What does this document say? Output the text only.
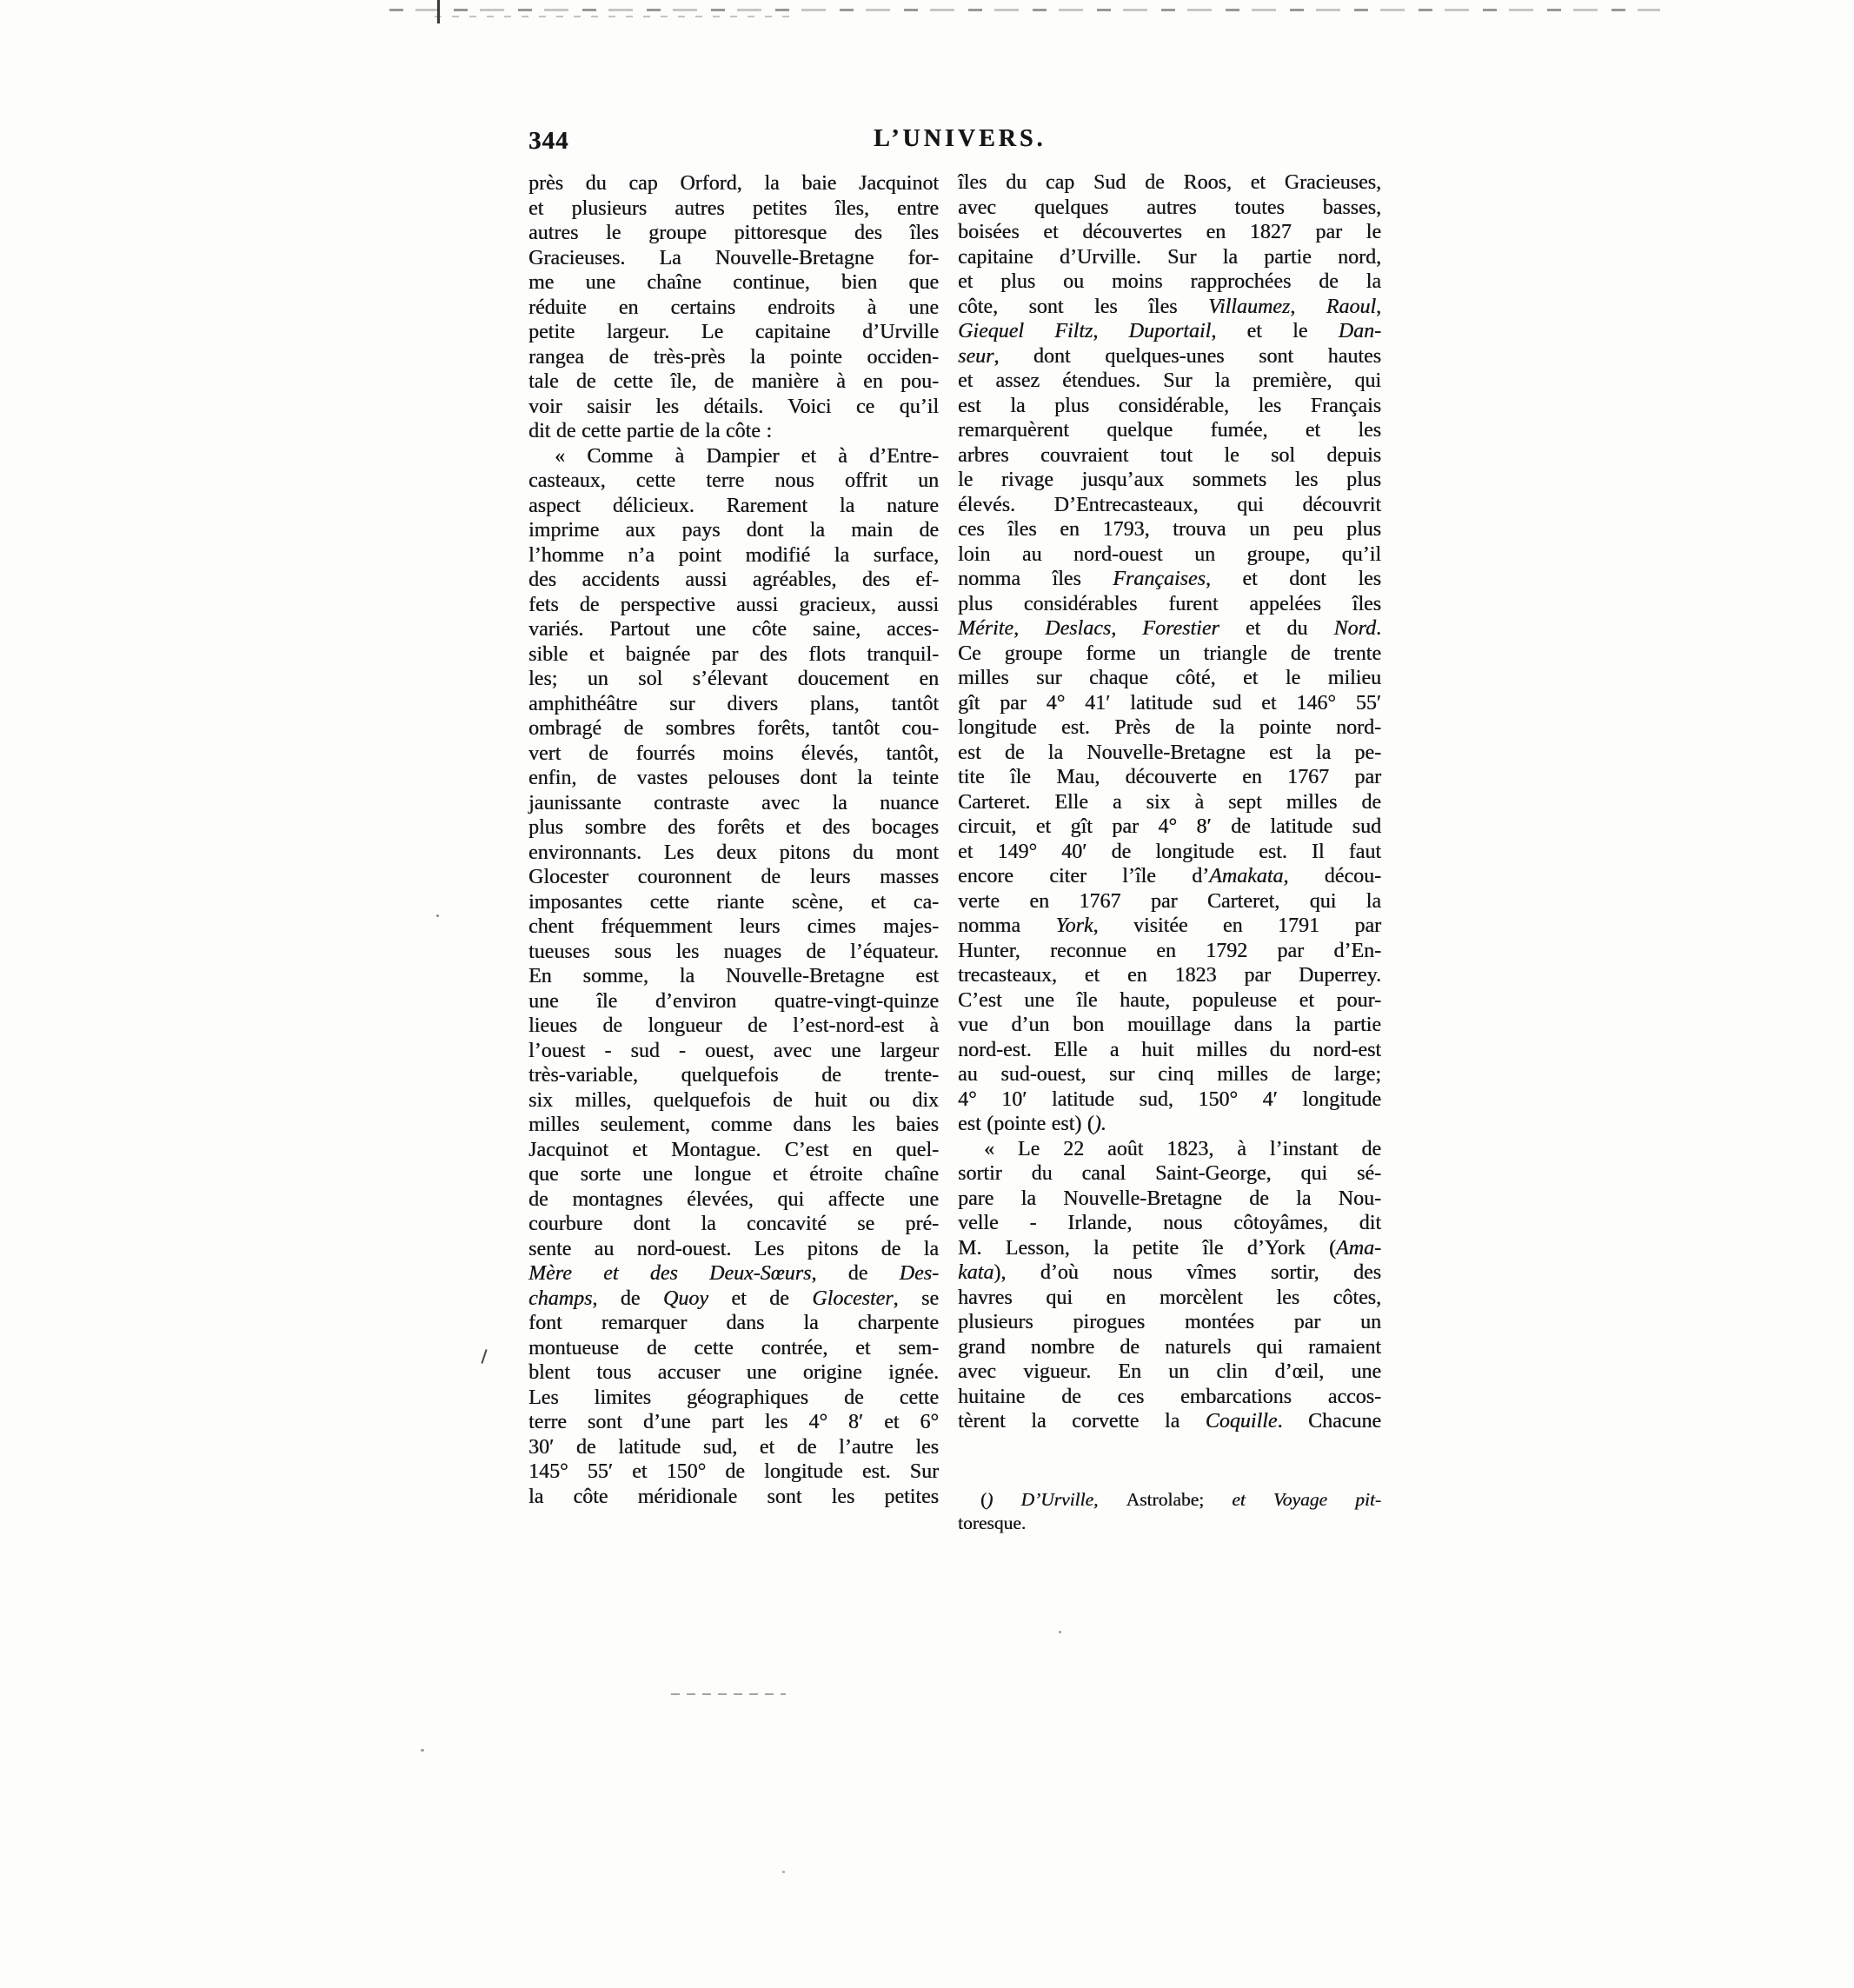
344	L’UNIVERS.
près du cap Orford, la baie Jacquinot
et plusieurs autres petites îles, entre
autres le groupe pittoresque des îles
Gracieuses. La Nouvelle-Bretagne for-
me une chaîne continue, bien que
réduite en certains endroits à une
petite largeur. Le capitaine d’Urville
rangea de très-près la pointe occiden-
tale de cette île, de manière à en pou-
voir saisir les détails. Voici ce qu’il
dit de cette partie de la côte :
« Comme à Dampier et à d’Entre-
casteaux, cette terre nous offrit un
aspect délicieux. Rarement la nature
imprime aux pays dont la main de
l’homme n’a point modifié la surface,
des accidents aussi agréables, des ef-
fets de perspective aussi gracieux, aussi
variés. Partout une côte saine, acces-
sible et baignée par des flots tranquil-
les; un sol s’élevant doucement en
amphithéâtre sur divers plans, tantôt
ombragé de sombres forêts, tantôt cou-
vert de fourrés moins élevés, tantôt,
enfin, de vastes pelouses dont la teinte
jaunissante contraste avec la nuance
plus sombre des forêts et des bocages
environnants. Les deux pitons du mont
Glocester couronnent de leurs masses
imposantes cette riante scène, et ca-
chent fréquemment leurs cimes majes-
tueuses sous les nuages de l’équateur.
En somme, la Nouvelle-Bretagne est
une île d’environ quatre-vingt-quinze
lieues de longueur de l’est-nord-est à
l’ouest - sud - ouest, avec une largeur
très-variable, quelquefois de trente-
six milles, quelquefois de huit ou dix
milles seulement, comme dans les baies
Jacquinot et Montague. C’est en quel-
que sorte une longue et étroite chaîne
de montagnes élevées, qui affecte une
courbure dont la concavité se pré-
sente au nord-ouest. Les pitons de la
Mère et des Deux-Sœurs, de Des-
champs, de Quoy et de Glocester, se
font remarquer dans la charpente
montueuse de cette contrée, et sem-
blent tous accuser une origine ignée.
Les limites géographiques de cette
terre sont d’une part les 4° 8′ et 6°
30′ de latitude sud, et de l’autre les
145° 55′ et 150° de longitude est. Sur
la côte méridionale sont les petites
îles du cap Sud de Roos, et Gracieuses,
avec quelques autres toutes basses,
boisées et découvertes en 1827 par le
capitaine d’Urville. Sur la partie nord,
et plus ou moins rapprochées de la
côte, sont les îles Villaumez, Raoul,
Giequel Filtz, Duportail, et le Dan-
seur, dont quelques-unes sont hautes
et assez étendues. Sur la première, qui
est la plus considérable, les Français
remarquèrent quelque fumée, et les
arbres couvraient tout le sol depuis
le rivage jusqu’aux sommets les plus
élevés. D’Entrecasteaux, qui découvrit
ces îles en 1793, trouva un peu plus
loin au nord-ouest un groupe, qu’il
nomma îles Françaises, et dont les
plus considérables furent appelées îles
Mérite, Deslacs, Forestier et du Nord.
Ce groupe forme un triangle de trente
milles sur chaque côté, et le milieu
gît par 4° 41′ latitude sud et 146° 55′
longitude est. Près de la pointe nord-
est de la Nouvelle-Bretagne est la pe-
tite île Mau, découverte en 1767 par
Carteret. Elle a six à sept milles de
circuit, et gît par 4° 8′ de latitude sud
et 149° 40′ de longitude est. Il faut
encore citer l’île d’Amakata, décou-
verte en 1767 par Carteret, qui la
nomma York, visitée en 1791 par
Hunter, reconnue en 1792 par d’En-
trecasteaux, et en 1823 par Duperrey.
C’est une île haute, populeuse et pour-
vue d’un bon mouillage dans la partie
nord-est. Elle a huit milles du nord-est
au sud-ouest, sur cinq milles de large;
4° 10′ latitude sud, 150° 4′ longitude
est (pointe est) ().
« Le 22 août 1823, à l’instant de
sortir du canal Saint-George, qui sé-
pare la Nouvelle-Bretagne de la Nou-
velle - Irlande, nous côtoyâmes, dit
M. Lesson, la petite île d’York (Ama-
kata), d’où nous vîmes sortir, des
havres qui en morcèlent les côtes,
plusieurs pirogues montées par un
grand nombre de naturels qui ramaient
avec vigueur. En un clin d’œil, une
huitaine de ces embarcations accos-
tèrent la corvette la Coquille. Chacune
() D’Urville, Astrolabe; et Voyage pit-
toresque.
